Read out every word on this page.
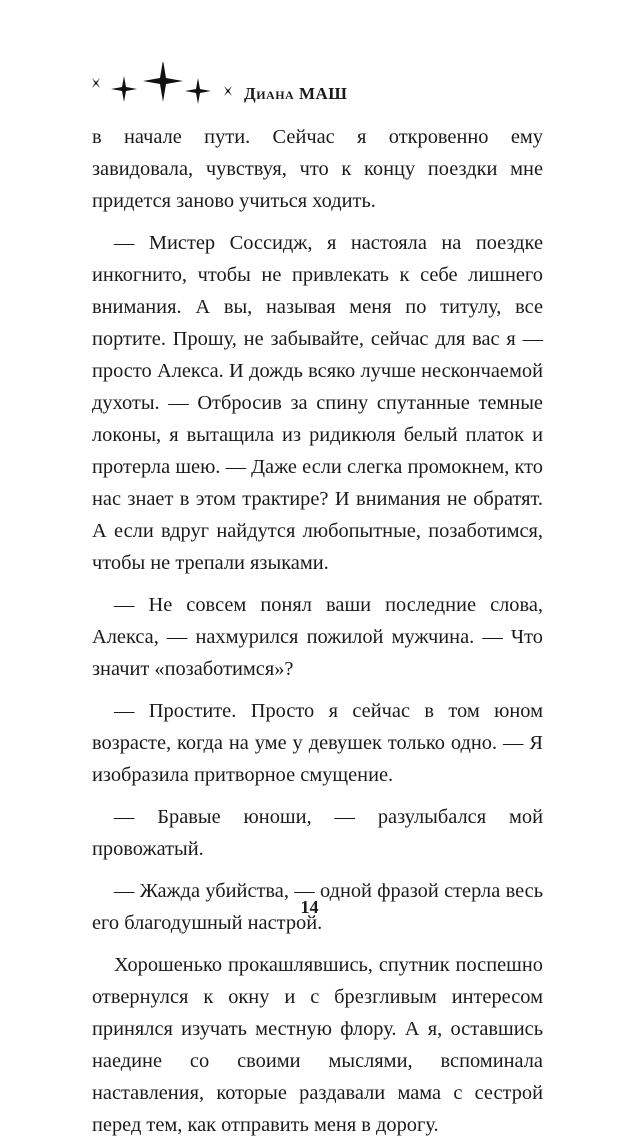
Диана МАШ

в начале пути. Сейчас я откровенно ему завидовала, чувствуя, что к концу поездки мне придется заново учиться ходить.

— Мистер Соссидж, я настояла на поездке инкогнито, чтобы не привлекать к себе лишнего внимания. А вы, называя меня по титулу, все портите. Прошу, не забывайте, сейчас для вас я — просто Алекса. И дождь всяко лучше нескончаемой духоты. — Отбросив за спину спутанные темные локоны, я вытащила из ридикюля белый платок и протерла шею. — Даже если слегка промокнем, кто нас знает в этом трактире? И внимания не обратят. А если вдруг найдутся любопытные, позаботимся, чтобы не трепали языками.

— Не совсем понял ваши последние слова, Алекса, — нахмурился пожилой мужчина. — Что значит «позаботимся»?

— Простите. Просто я сейчас в том юном возрасте, когда на уме у девушек только одно. — Я изобразила притворное смущение.

— Бравые юноши, — разулыбался мой провожатый.

— Жажда убийства, — одной фразой стерла весь его благодушный настрой.

Хорошенько прокашлявшись, спутник поспешно отвернулся к окну и с брезгливым интересом принялся изучать местную флору. А я, оставшись наедине со своими мыслями, вспоминала наставления, которые раздавали мама с сестрой перед тем, как отправить меня в дорогу.

14
